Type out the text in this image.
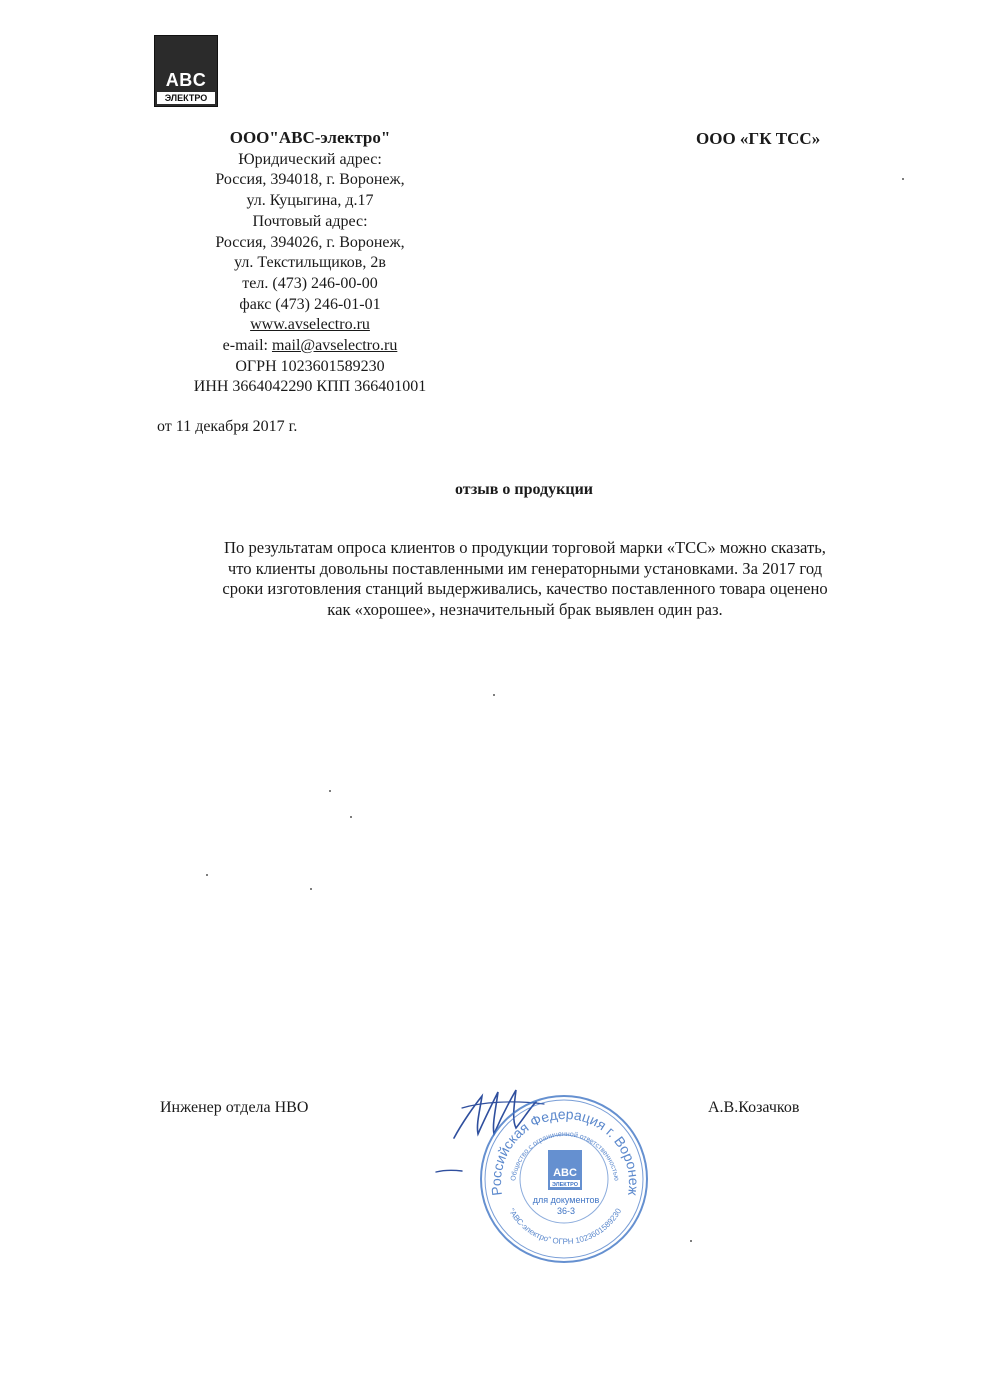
ABC
ЭЛЕКТРО
ООО"АВС-электро"
Юридический адрес:
Россия, 394018, г. Воронеж,
ул. Куцыгина, д.17
Почтовый адрес:
Россия, 394026, г. Воронеж,
ул. Текстильщиков, 2в
тел. (473) 246-00-00
факс (473) 246-01-01
www.avselectro.ru
e-mail: mail@avselectro.ru
ОГРН 1023601589230
ИНН 3664042290 КПП 366401001
ООО «ГК ТСС»
от 11 декабря 2017 г.
отзыв о продукции
По результатам опроса клиентов о продукции торговой марки «ТСС» можно сказать,
что клиенты довольны поставленными им генераторными установками. За 2017 год
сроки изготовления станций выдерживались, качество поставленного товара оценено
как «хорошее», незначительный брак выявлен один раз.
Инженер отдела НВО	А.В.Козачков
Российская Федерация г. Воронеж
Общество с ограниченной ответственностью
"АВС-электро" ОГРН 1023601589230
ABC
ЭЛЕКТРО
для документов
36-3
